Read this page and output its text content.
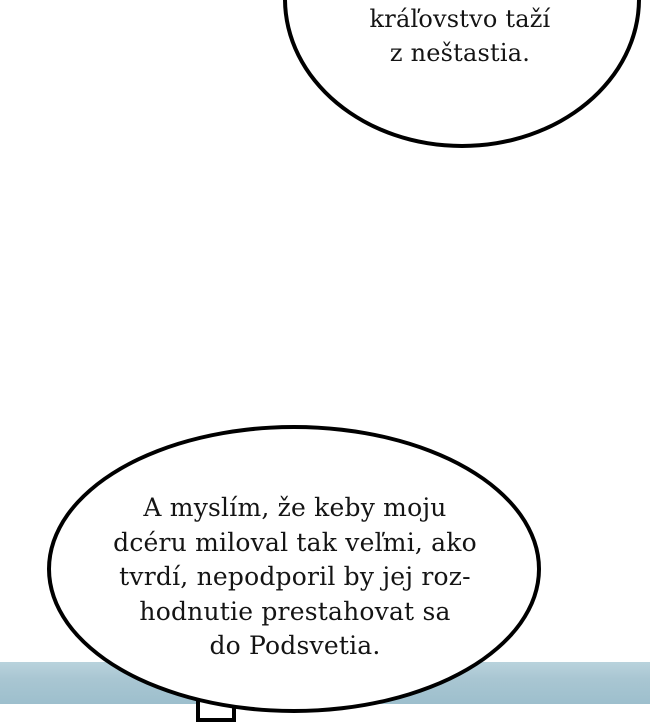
kráľovstvo taží
z neštastia.
A myslím, že keby moju
dcéru miloval tak veľmi, ako
tvrdí, nepodporil by jej roz-
hodnutie prestahovat sa
do Podsvetia.
